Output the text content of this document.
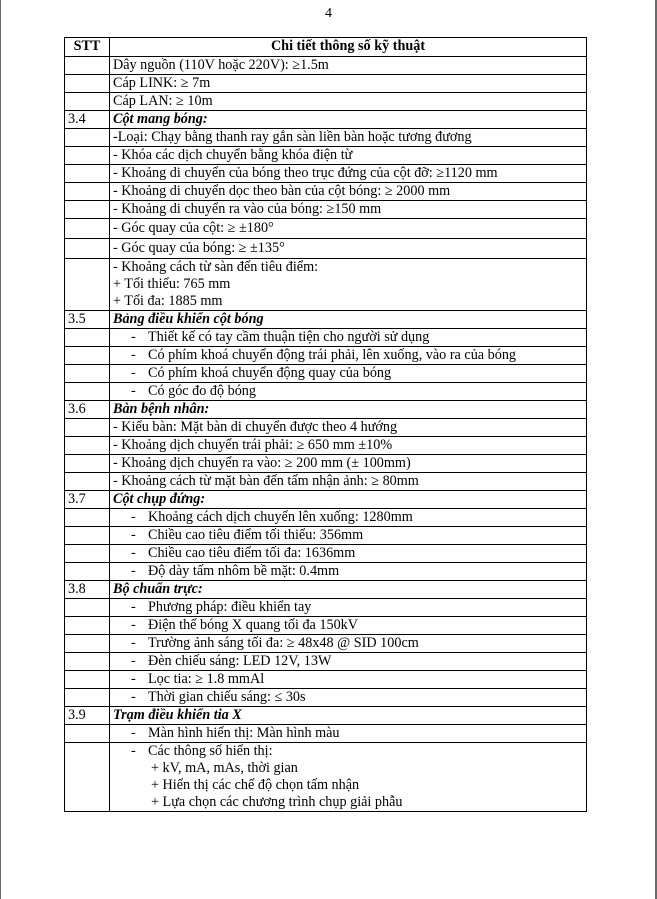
4
STT	Chi tiết thông số kỹ thuật
	Dây nguồn (110V hoặc 220V): ≥1.5m
	Cáp LINK: ≥ 7m
	Cáp LAN: ≥ 10m
3.4	Cột mang bóng:
	-Loại: Chạy bằng thanh ray gắn sàn liền bàn hoặc tương đương
	- Khóa các dịch chuyển bằng khóa điện từ
	- Khoảng di chuyển của bóng theo trục đứng của cột đỡ: ≥1120 mm
	- Khoảng di chuyển dọc theo bàn của cột bóng: ≥ 2000 mm
	- Khoảng di chuyển ra vào của bóng: ≥150 mm
	- Góc quay của cột: ≥ ±180°
	- Góc quay của bóng: ≥ ±135°

	- Khoảng cách từ sàn đến tiêu điểm:
+ Tối thiểu: 765 mm
+ Tối đa: 1885 mm

3.5	Bảng điều khiển cột bóng
	- Thiết kế có tay cầm thuận tiện cho người sử dụng
	- Có phím khoá chuyển động trái phải, lên xuống, vào ra của bóng
	- Có phím khoá chuyển động quay của bóng
	- Có góc đo độ bóng
3.6	Bàn bệnh nhân:
	- Kiểu bàn: Mặt bàn di chuyển được theo 4 hướng
	- Khoảng dịch chuyển trái phải: ≥ 650 mm ±10%
	- Khoảng dịch chuyển ra vào: ≥ 200 mm (± 100mm)
	- Khoảng cách từ mặt bàn đến tấm nhận ảnh: ≥ 80mm
3.7	Cột chụp đứng:
	- Khoảng cách dịch chuyển lên xuống: 1280mm
	- Chiều cao tiêu điểm tối thiểu: 356mm
	- Chiều cao tiêu điểm tối đa: 1636mm
	- Độ dày tấm nhôm bề mặt: 0.4mm
3.8	Bộ chuẩn trực:
	- Phương pháp: điều khiển tay
	- Điện thế bóng X quang tối đa 150kV
	- Trường ảnh sáng tối đa: ≥ 48x48 @ SID 100cm
	- Đèn chiếu sáng: LED 12V, 13W
	- Lọc tia: ≥ 1.8 mmAl
	- Thời gian chiếu sáng: ≤ 30s
3.9	Trạm điều khiển tia X
	- Màn hình hiển thị: Màn hình màu
	- Các thông số hiển thị:
+ kV, mA, mAs, thời gian
+ Hiển thị các chế độ chọn tấm nhận
+ Lựa chọn các chương trình chụp giải phẫu
